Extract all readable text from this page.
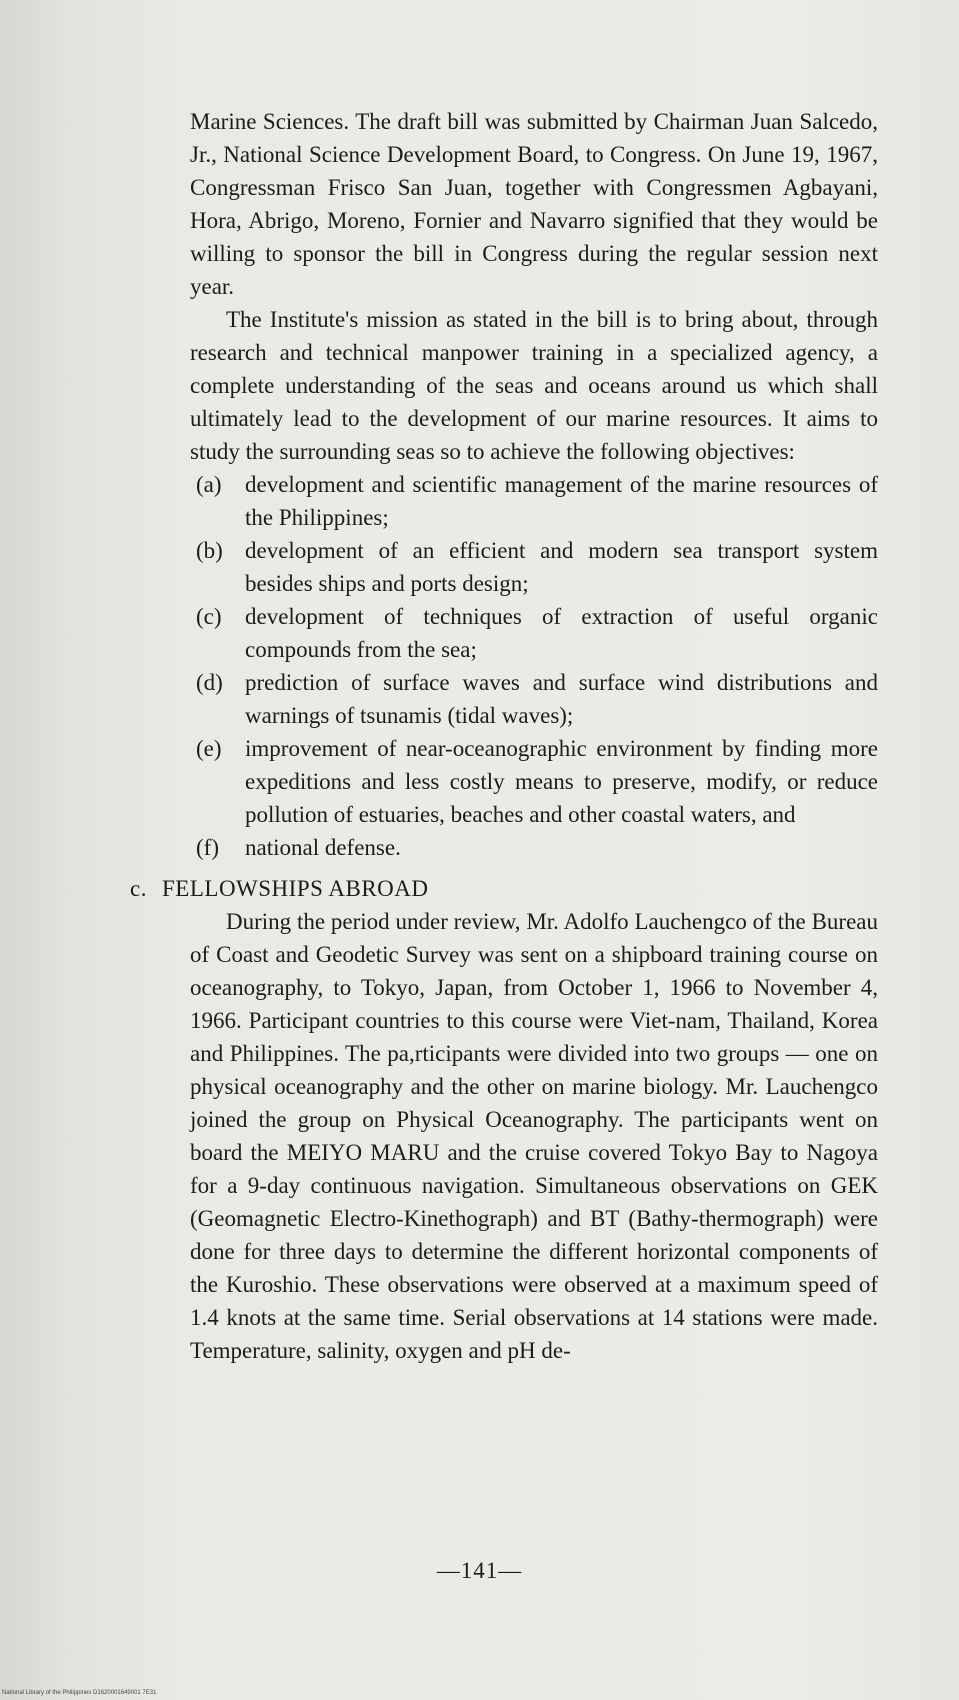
Marine Sciences. The draft bill was submitted by Chairman Juan Salcedo, Jr., National Science Development Board, to Congress. On June 19, 1967, Congressman Frisco San Juan, together with Congressmen Agbayani, Hora, Abrigo, Moreno, Fornier and Navarro signified that they would be willing to sponsor the bill in Congress during the regular session next year.

The Institute's mission as stated in the bill is to bring about, through research and technical manpower training in a specialized agency, a complete understanding of the seas and oceans around us which shall ultimately lead to the development of our marine resources. It aims to study the surrounding seas so to achieve the following objectives:

(a)	development and scientific management of the marine resources of the Philippines;
(b) development of an efficient and modern sea transport system besides ships and ports design;
(c)	development of techniques of extraction of useful organic compounds from the sea;
(d) prediction of surface waves and surface wind distributions and warnings of tsunamis (tidal waves);
(e)	improvement of near-oceanographic environment by finding more expeditions and less costly means to preserve, modify, or reduce pollution of estuaries, beaches and other coastal waters, and
(f)	national defense.
c. FELLOWSHIPS ABROAD

During the period under review, Mr. Adolfo Lauchengco of the Bureau of Coast and Geodetic Survey was sent on a shipboard training course on oceanography, to Tokyo, Japan, from October 1, 1966 to November 4, 1966. Participant countries to this course were Viet-nam, Thailand, Korea and Philippines. The pa,rticipants were divided into two groups — one on physical oceanography and the other on marine biology. Mr. Lauchengco joined the group on Physical Oceanography. The participants went on board the MEIYO MARU and the cruise covered Tokyo Bay to Nagoya for a 9-day continuous navigation. Simultaneous observations on GEK (Geomagnetic Electro-Kinethograph) and BT (Bathy-thermograph) were done for three days to determine the different horizontal components of the Kuroshio. These observations were observed at a maximum speed of 1.4 knots at the same time. Serial observations at 14 stations were made. Temperature, salinity, oxygen and pH de-

—141—
National Library of the Philippines D1620001649001 7E31
